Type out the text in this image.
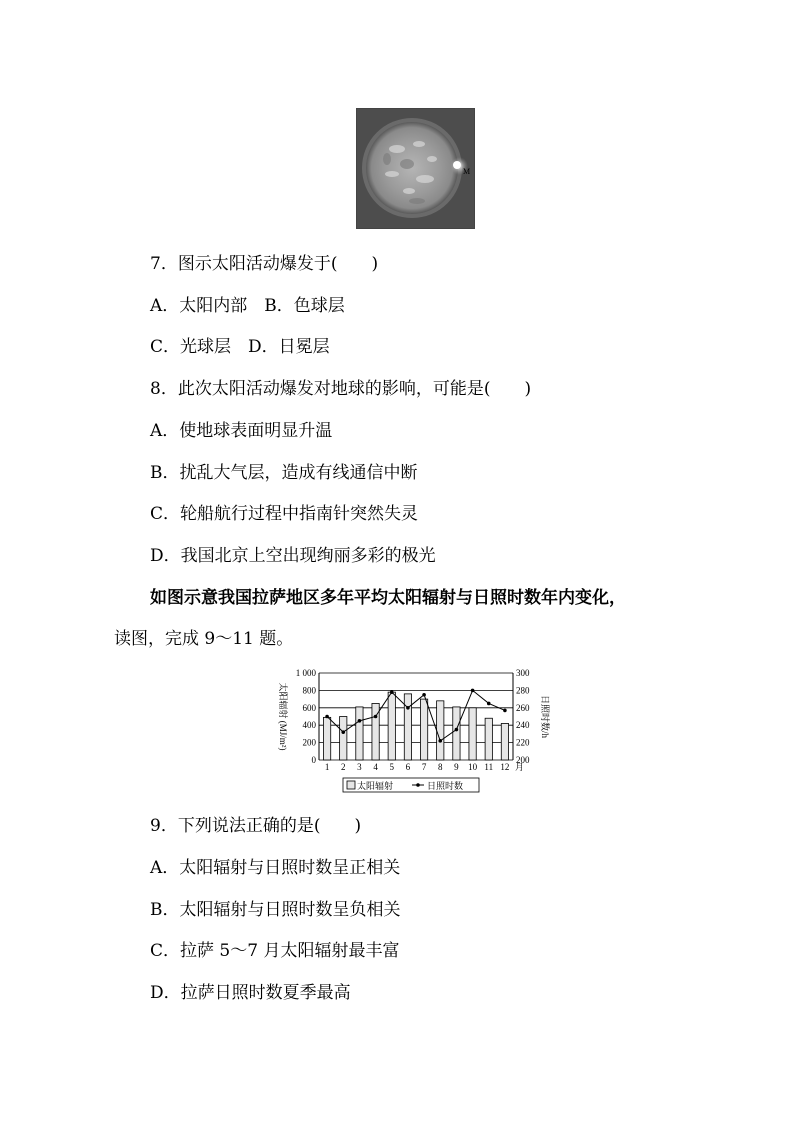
M
7．图示太阳活动爆发于(　　)
A．太阳内部　B．色球层
C．光球层　D．日冕层
8．此次太阳活动爆发对地球的影响，可能是(　　)
A．使地球表面明显升温
B．扰乱大气层，造成有线通信中断
C．轮船航行过程中指南针突然失灵
D．我国北京上空出现绚丽多彩的极光
如图示意我国拉萨地区多年平均太阳辐射与日照时数年内变化，
读图，完成 9～11 题。
0
200
400
600
800
1 000
200
220
240
260
280
300
1 2 3 4 5 6 7 8 9 10 11 12 月
太阳辐射 (MJ/m²)	日照时数/h
太阳辐射	日照时数
9．下列说法正确的是(　　)
A．太阳辐射与日照时数呈正相关
B．太阳辐射与日照时数呈负相关
C．拉萨 5～7 月太阳辐射最丰富
D．拉萨日照时数夏季最高
